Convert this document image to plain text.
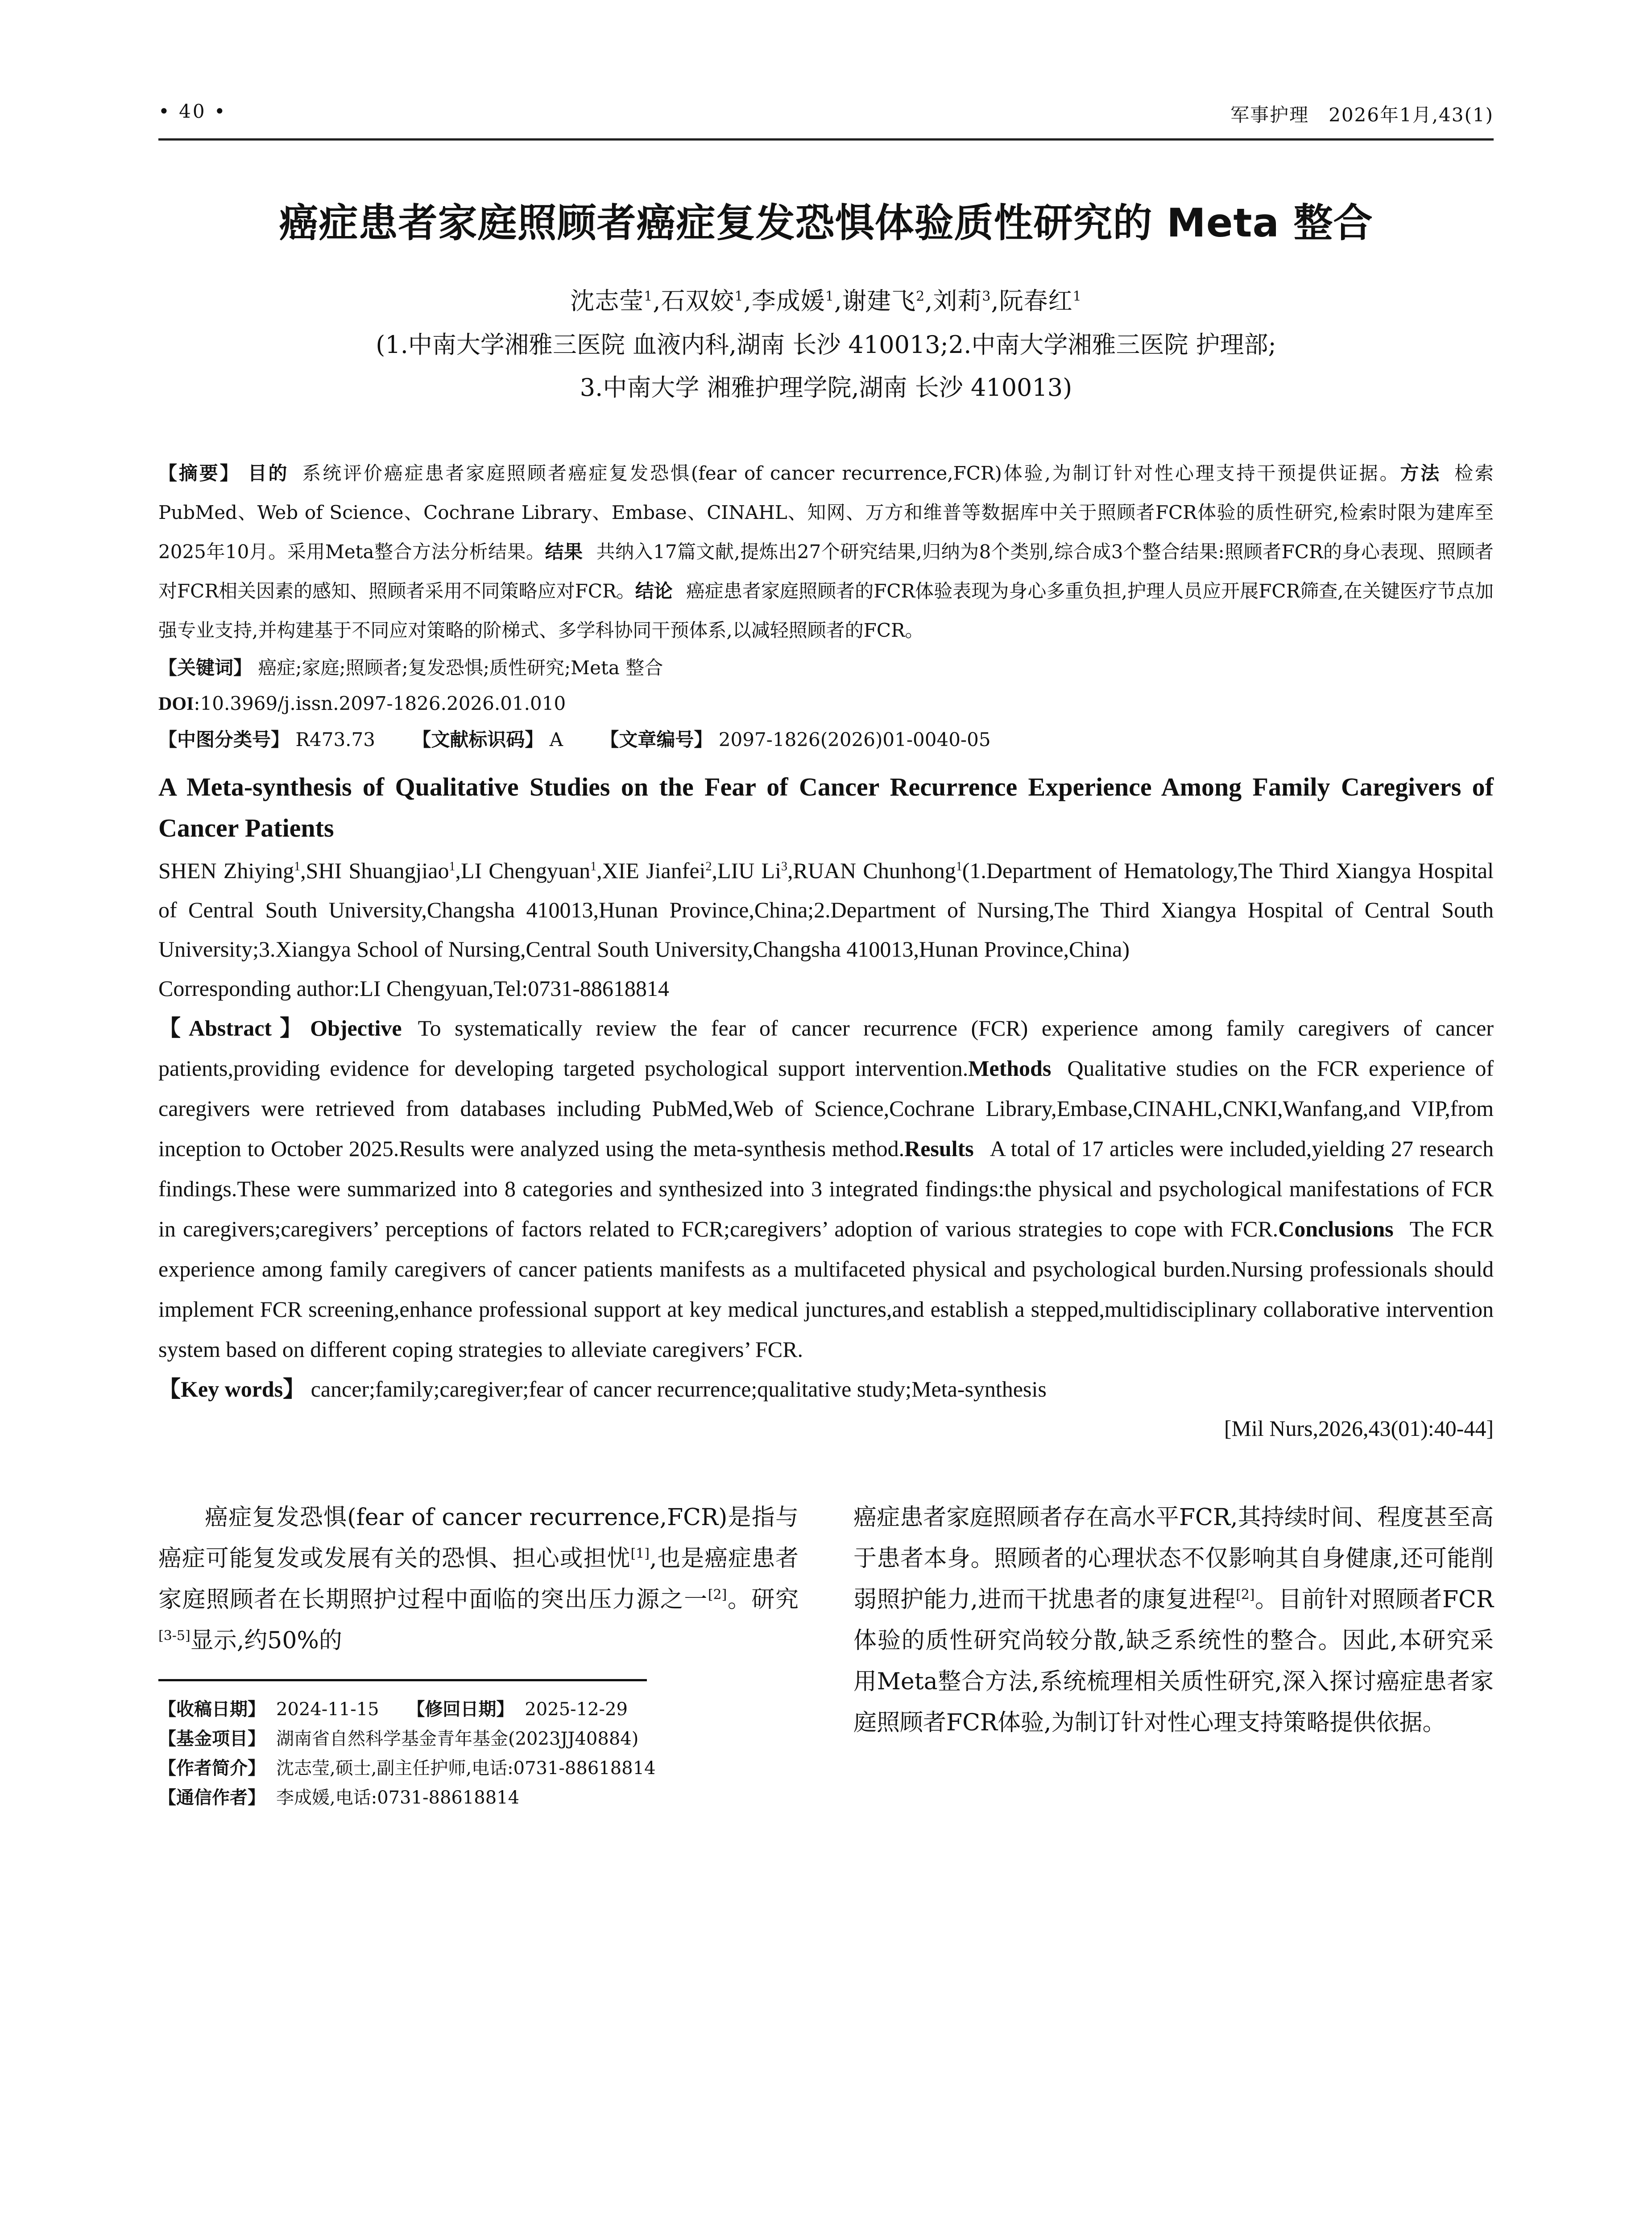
• 40 •	军事护理　2026年1月,43(1)
癌症患者家庭照顾者癌症复发恐惧体验质性研究的 Meta 整合
沈志莹$^1$,石双姣$^1$,李成媛$^1$,谢建飞$^2$,刘莉$^3$,阮春红$^1$
(1.中南大学湘雅三医院 血液内科,湖南 长沙 410013;2.中南大学湘雅三医院 护理部;
3.中南大学 湘雅护理学院,湖南 长沙 410013)
【摘要】 目的 系统评价癌症患者家庭照顾者癌症复发恐惧(fear of cancer recurrence,FCR)体验,为制订针对性心理支持干预提供证据。方法 检索PubMed、Web of Science、Cochrane Library、Embase、CINAHL、知网、万方和维普等数据库中关于照顾者FCR体验的质性研究,检索时限为建库至2025年10月。采用Meta整合方法分析结果。结果 共纳入17篇文献,提炼出27个研究结果,归纳为8个类别,综合成3个整合结果:照顾者FCR的身心表现、照顾者对FCR相关因素的感知、照顾者采用不同策略应对FCR。结论 癌症患者家庭照顾者的FCR体验表现为身心多重负担,护理人员应开展FCR筛查,在关键医疗节点加强专业支持,并构建基于不同应对策略的阶梯式、多学科协同干预体系,以减轻照顾者的FCR。
【关键词】 癌症;家庭;照顾者;复发恐惧;质性研究;Meta 整合
DOI:10.3969/j.issn.2097-1826.2026.01.010
【中图分类号】 R473.73 【文献标识码】 A 【文章编号】 2097-1826(2026)01-0040-05
A Meta-synthesis of Qualitative Studies on the Fear of Cancer Recurrence Experience Among Family Caregivers of Cancer Patients
SHEN Zhiying$^1$,SHI Shuangjiao$^1$,LI Chengyuan$^1$,XIE Jianfei$^2$,LIU Li$^3$,RUAN Chunhong$^1$(1.Department of Hematology,The Third Xiangya Hospital of Central South University,Changsha 410013,Hunan Province,China;2.Department of Nursing,The Third Xiangya Hospital of Central South University;3.Xiangya School of Nursing,Central South University,Changsha 410013,Hunan Province,China)
Corresponding author:LI Chengyuan,Tel:0731-88618814
【Abstract】Objective To systematically review the fear of cancer recurrence (FCR) experience among family caregivers of cancer patients,providing evidence for developing targeted psychological support intervention.Methods Qualitative studies on the FCR experience of caregivers were retrieved from databases including PubMed,Web of Science,Cochrane Library,Embase,CINAHL,CNKI,Wanfang,and VIP,from inception to October 2025.Results were analyzed using the meta-synthesis method.Results A total of 17 articles were included,yielding 27 research findings.These were summarized into 8 categories and synthesized into 3 integrated findings:the physical and psychological manifestations of FCR in caregivers;caregivers’ perceptions of factors related to FCR;caregivers’ adoption of various strategies to cope with FCR.Conclusions The FCR experience among family caregivers of cancer patients manifests as a multifaceted physical and psychological burden.Nursing professionals should implement FCR screening,enhance professional support at key medical junctures,and establish a stepped,multidisciplinary collaborative intervention system based on different coping strategies to alleviate caregivers’ FCR.
【Key words】 cancer;family;caregiver;fear of cancer recurrence;qualitative study;Meta-synthesis
[Mil Nurs,2026,43(01):40-44]

癌症复发恐惧(fear of cancer recurrence,FCR)是指与癌症可能复发或发展有关的恐惧、担心或担忧[1],也是癌症患者家庭照顾者在长期照护过程中面临的突出压力源之一[2]。研究[3-5]显示,约50%的

【收稿日期】 2024-11-15 【修回日期】 2025-12-29
【基金项目】 湖南省自然科学基金青年基金(2023JJ40884)
【作者简介】 沈志莹,硕士,副主任护师,电话:0731-88618814
【通信作者】 李成媛,电话:0731-88618814

癌症患者家庭照顾者存在高水平FCR,其持续时间、程度甚至高于患者本身。照顾者的心理状态不仅影响其自身健康,还可能削弱照护能力,进而干扰患者的康复进程[2]。目前针对照顾者FCR体验的质性研究尚较分散,缺乏系统性的整合。因此,本研究采用Meta整合方法,系统梳理相关质性研究,深入探讨癌症患者家庭照顾者FCR体验,为制订针对性心理支持策略提供依据。
